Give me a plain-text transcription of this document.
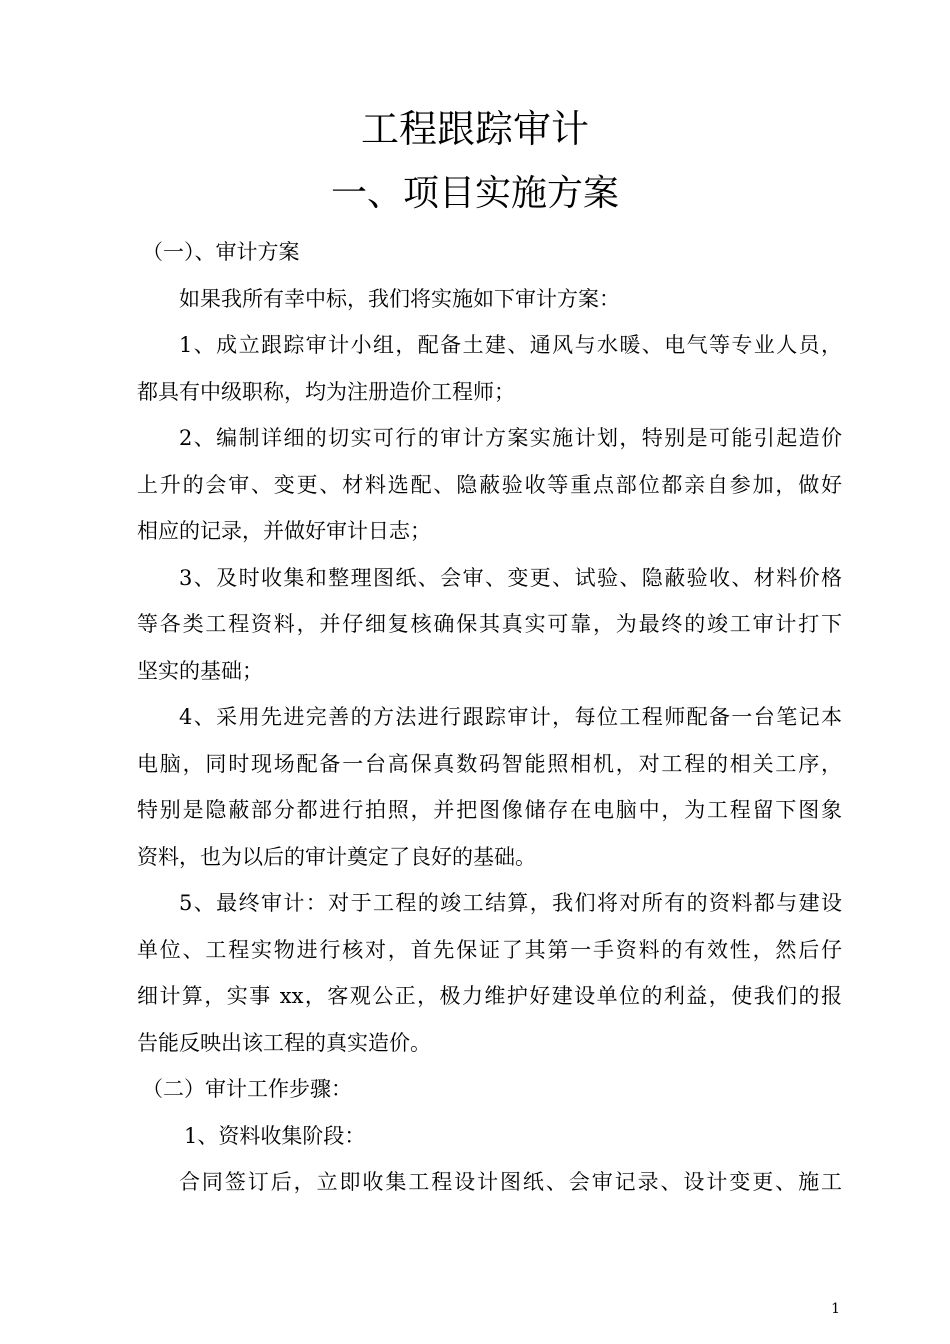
工程跟踪审计
一、项目实施方案
（一）、审计方案
如果我所有幸中标，我们将实施如下审计方案：
1、成立跟踪审计小组，配备土建、通风与水暖、电气等专业人员，
都具有中级职称，均为注册造价工程师；
2、编制详细的切实可行的审计方案实施计划，特别是可能引起造价
上升的会审、变更、材料选配、隐蔽验收等重点部位都亲自参加，做好
相应的记录，并做好审计日志；
3、及时收集和整理图纸、会审、变更、试验、隐蔽验收、材料价格
等各类工程资料，并仔细复核确保其真实可靠，为最终的竣工审计打下
坚实的基础；
4、采用先进完善的方法进行跟踪审计，每位工程师配备一台笔记本
电脑，同时现场配备一台高保真数码智能照相机，对工程的相关工序，
特别是隐蔽部分都进行拍照，并把图像储存在电脑中，为工程留下图象
资料，也为以后的审计奠定了良好的基础。
5、最终审计：对于工程的竣工结算，我们将对所有的资料都与建设
单位、工程实物进行核对，首先保证了其第一手资料的有效性，然后仔
细计算，实事 xx，客观公正，极力维护好建设单位的利益，使我们的报
告能反映出该工程的真实造价。
（二）审计工作步骤：
1、资料收集阶段：
合同签订后，立即收集工程设计图纸、会审记录、设计变更、施工
1
